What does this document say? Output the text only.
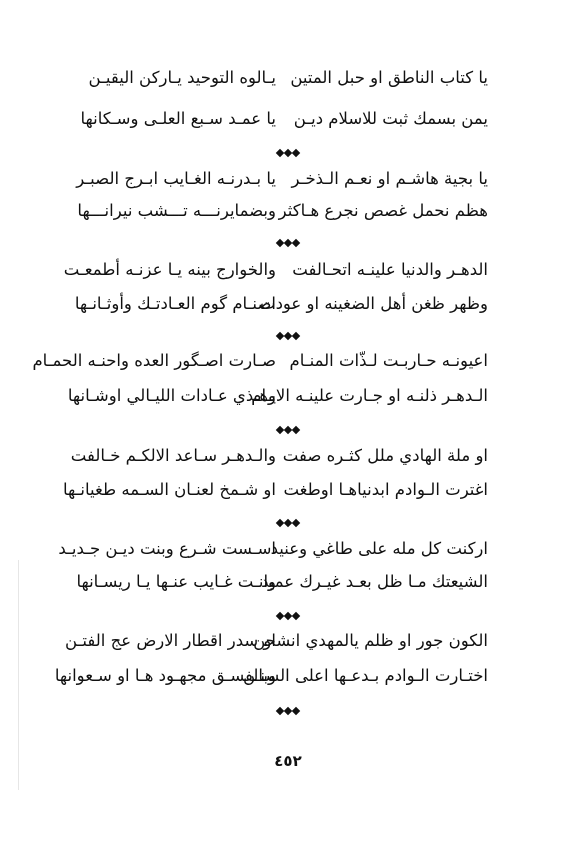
يا كتاب الناطق او حبل المتين
يـالوه التوحيد يـاركن اليقيـن
يمن بسمك ثبت للاسلام ديـن
يا عمـد سـبع العلـى وسـكانها
يا بجية هاشـم او نعـم الـذخـر
يا بـدرنـه الغـايب ابـرج الصبـر
هظم نحمل غصص نجرع هـاكثر
وبضمايرنـــه تـــشب نيرانـــها
الدهـر والدنيا علينـه اتحـالفت
والخوارج بينه يـا عزنـه أطمعـت
وظهر ظغن أهل الضغينه او عودت
اصنـام گوم العـادتـك وأوثـانـها
اعيونـه حـاربـت لـذّات المنـام
صـارت اصـگور العده واحنـه الحمـام
الـدهـر ذلنـه او جـارت علينـه الايـام
وهـذي عـادات الليـالي اوشـانها
او ملة الهادي ملل كثـره صفت
والـدهـر سـاعد الالكـم خـالفت
اغترت الـوادم ابدنياهـا اوطغت
او شـمخ لعنـان السـمه طغيانـها
اركنت كل مله على طاغي وعنيد
اسـست شـرع وبنت ديـن جـديـد
الشيعتك مـا ظل بعـد غيـرك عميد
وانـت غـايب عنـها يـا ريسـانها
الكون جور او ظلم يالمهدي انشحن
او سدر اقطار الارض عج الفتـن
اختـارت الـوادم بـدعـها اعلى السنـن
وبالفسـق مجهـود هـا او سـعوانها
٤٥٢
